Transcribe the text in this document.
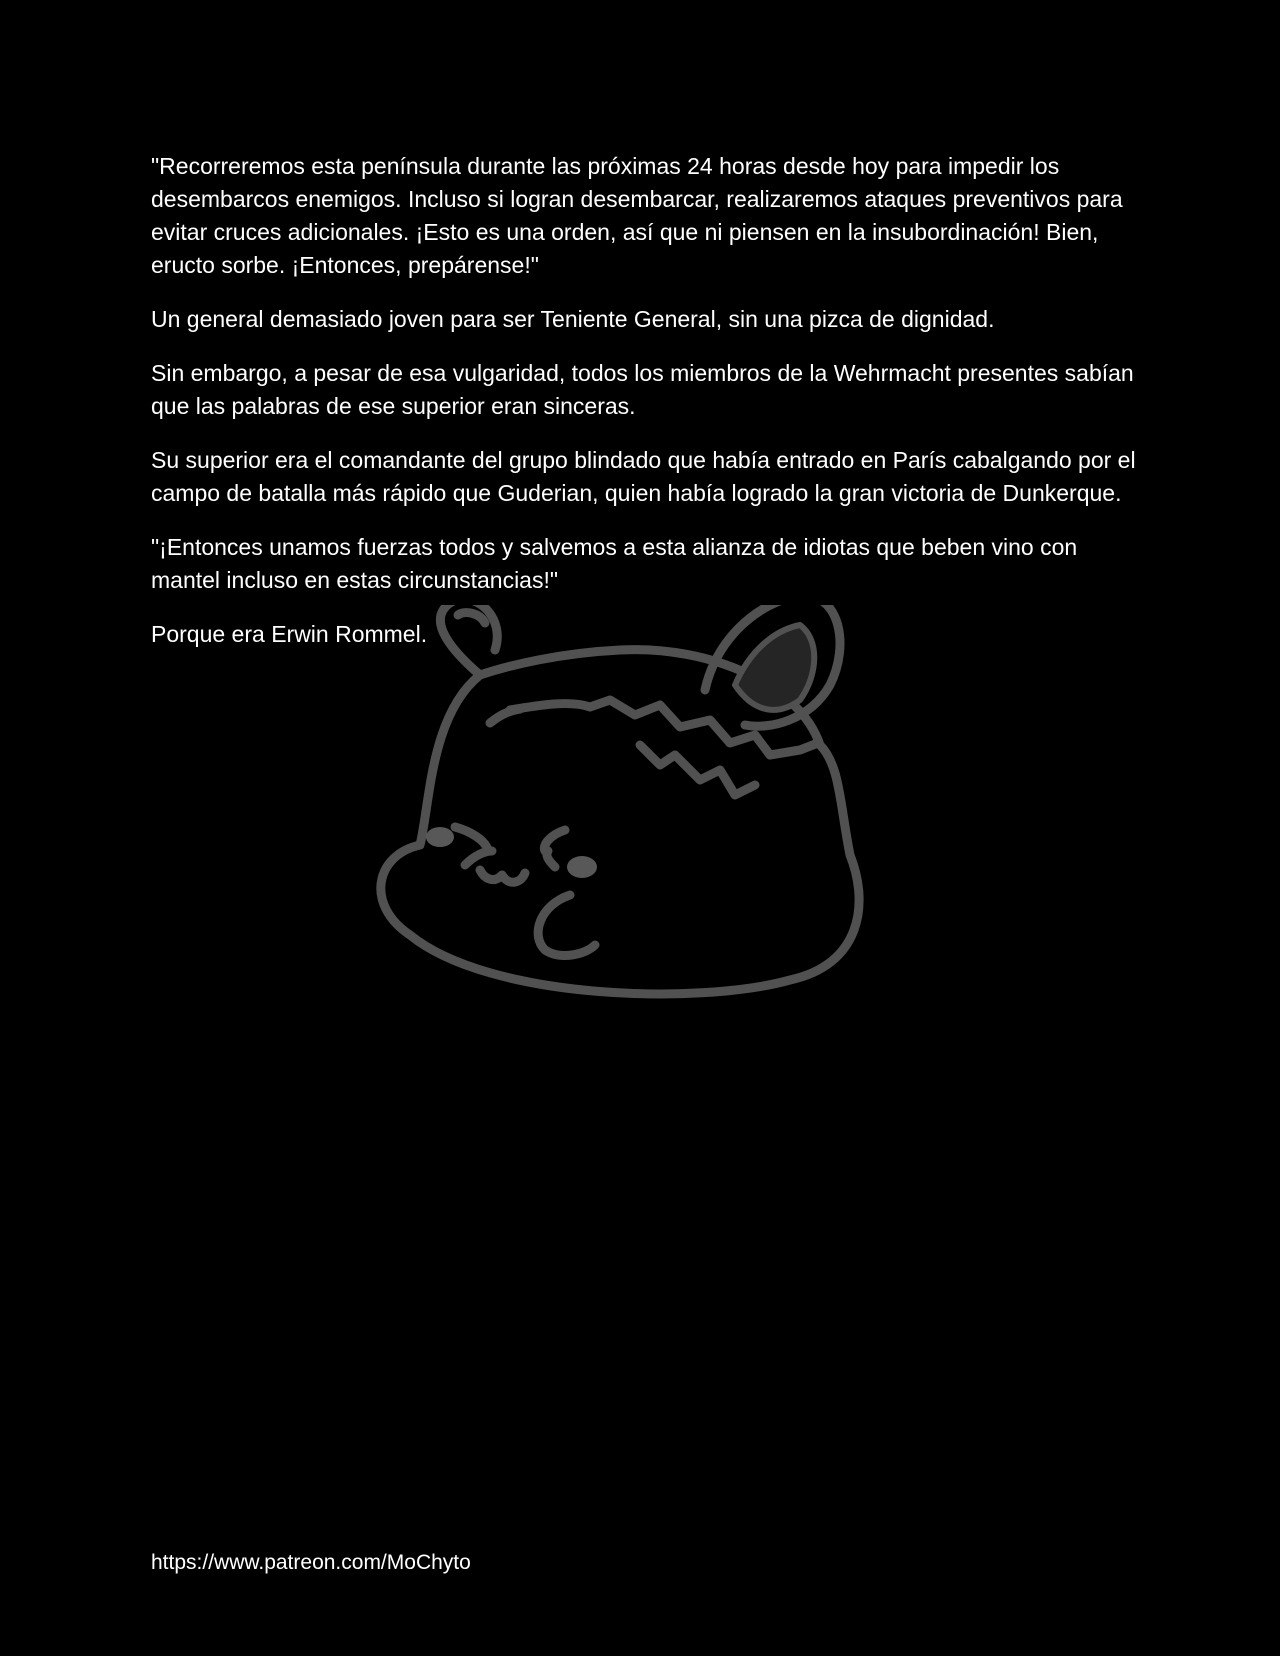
"Recorreremos esta península durante las próximas 24 horas desde hoy para impedir los desembarcos enemigos. Incluso si logran desembarcar, realizaremos ataques preventivos para evitar cruces adicionales. ¡Esto es una orden, así que ni piensen en la insubordinación! Bien, eructo sorbe. ¡Entonces, prepárense!"

Un general demasiado joven para ser Teniente General, sin una pizca de dignidad.

Sin embargo, a pesar de esa vulgaridad, todos los miembros de la Wehrmacht presentes sabían que las palabras de ese superior eran sinceras.

Su superior era el comandante del grupo blindado que había entrado en París cabalgando por el campo de batalla más rápido que Guderian, quien había logrado la gran victoria de Dunkerque.

"¡Entonces unamos fuerzas todos y salvemos a esta alianza de idiotas que beben vino con mantel incluso en estas circunstancias!"

Porque era Erwin Rommel.

https://www.patreon.com/MoChyto
